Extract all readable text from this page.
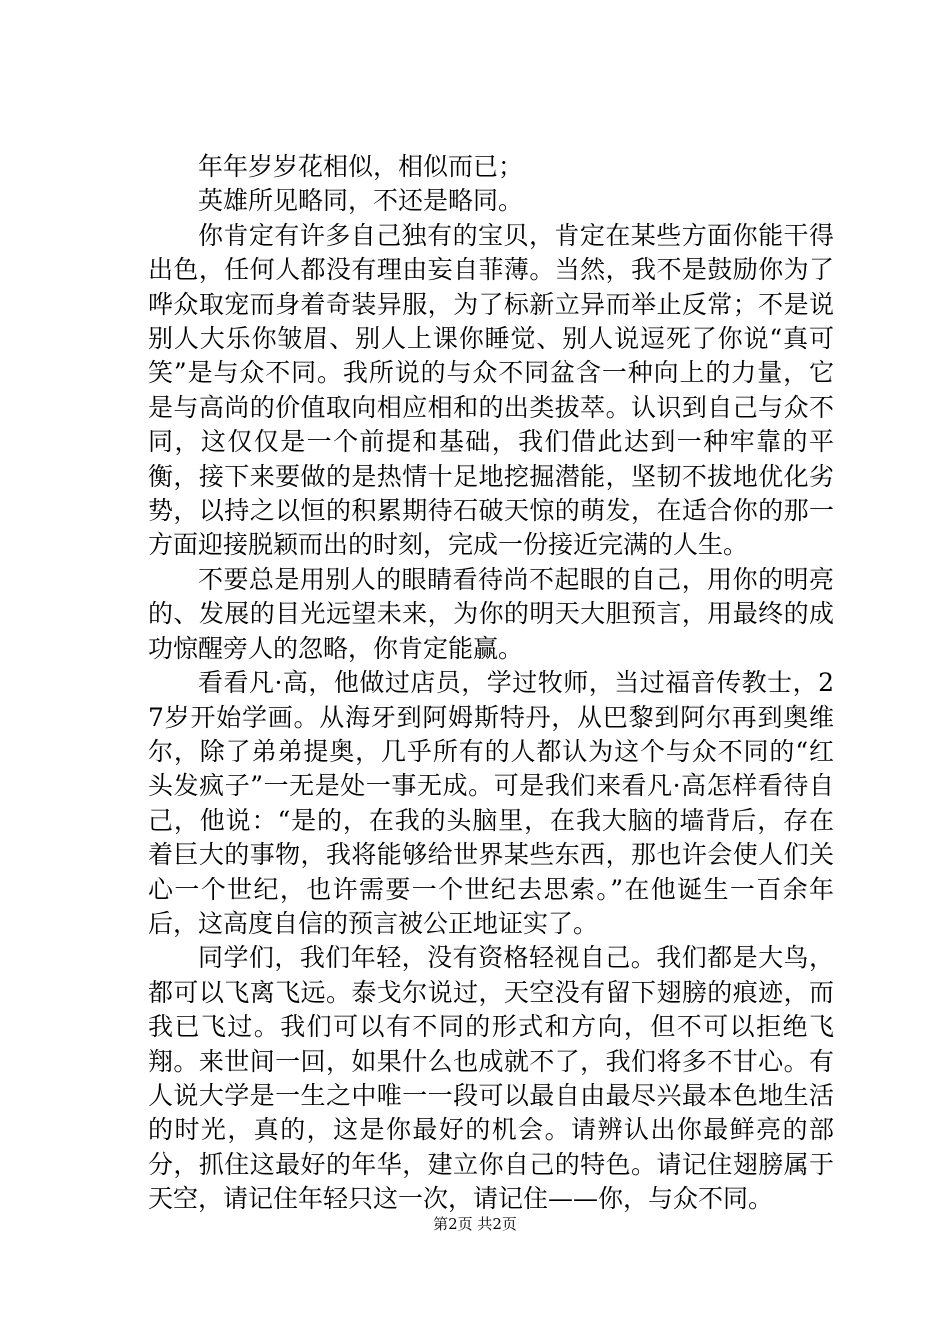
年年岁岁花相似，相似而已；

英雄所见略同，不还是略同。

你肯定有许多自己独有的宝贝，肯定在某些方面你能干得出色，任何人都没有理由妄自菲薄。当然，我不是鼓励你为了哗众取宠而身着奇装异服，为了标新立异而举止反常；不是说别人大乐你皱眉、别人上课你睡觉、别人说逗死了你说“真可笑”是与众不同。我所说的与众不同盆含一种向上的力量，它是与高尚的价值取向相应相和的出类拔萃。认识到自己与众不同，这仅仅是一个前提和基础，我们借此达到一种牢靠的平衡，接下来要做的是热情十足地挖掘潜能，坚韧不拔地优化劣势，以持之以恒的积累期待石破天惊的萌发，在适合你的那一方面迎接脱颖而出的时刻，完成一份接近完满的人生。

不要总是用别人的眼睛看待尚不起眼的自己，用你的明亮的、发展的目光远望未来，为你的明天大胆预言，用最终的成功惊醒旁人的忽略，你肯定能赢。

看看凡·高，他做过店员，学过牧师，当过福音传教士，27岁开始学画。从海牙到阿姆斯特丹，从巴黎到阿尔再到奥维尔，除了弟弟提奥，几乎所有的人都认为这个与众不同的“红头发疯子”一无是处一事无成。可是我们来看凡·高怎样看待自己，他说：“是的，在我的头脑里，在我大脑的墙背后，存在着巨大的事物，我将能够给世界某些东西，那也许会使人们关心一个世纪，也许需要一个世纪去思索。”在他诞生一百余年后，这高度自信的预言被公正地证实了。

同学们，我们年轻，没有资格轻视自己。我们都是大鸟，都可以飞离飞远。泰戈尔说过，天空没有留下翅膀的痕迹，而我已飞过。我们可以有不同的形式和方向，但不可以拒绝飞翔。来世间一回，如果什么也成就不了，我们将多不甘心。有人说大学是一生之中唯一一段可以最自由最尽兴最本色地生活的时光，真的，这是你最好的机会。请辨认出你最鲜亮的部分，抓住这最好的年华，建立你自己的特色。请记住翅膀属于天空，请记住年轻只这一次，请记住——你，与众不同。

第2页 共2页
